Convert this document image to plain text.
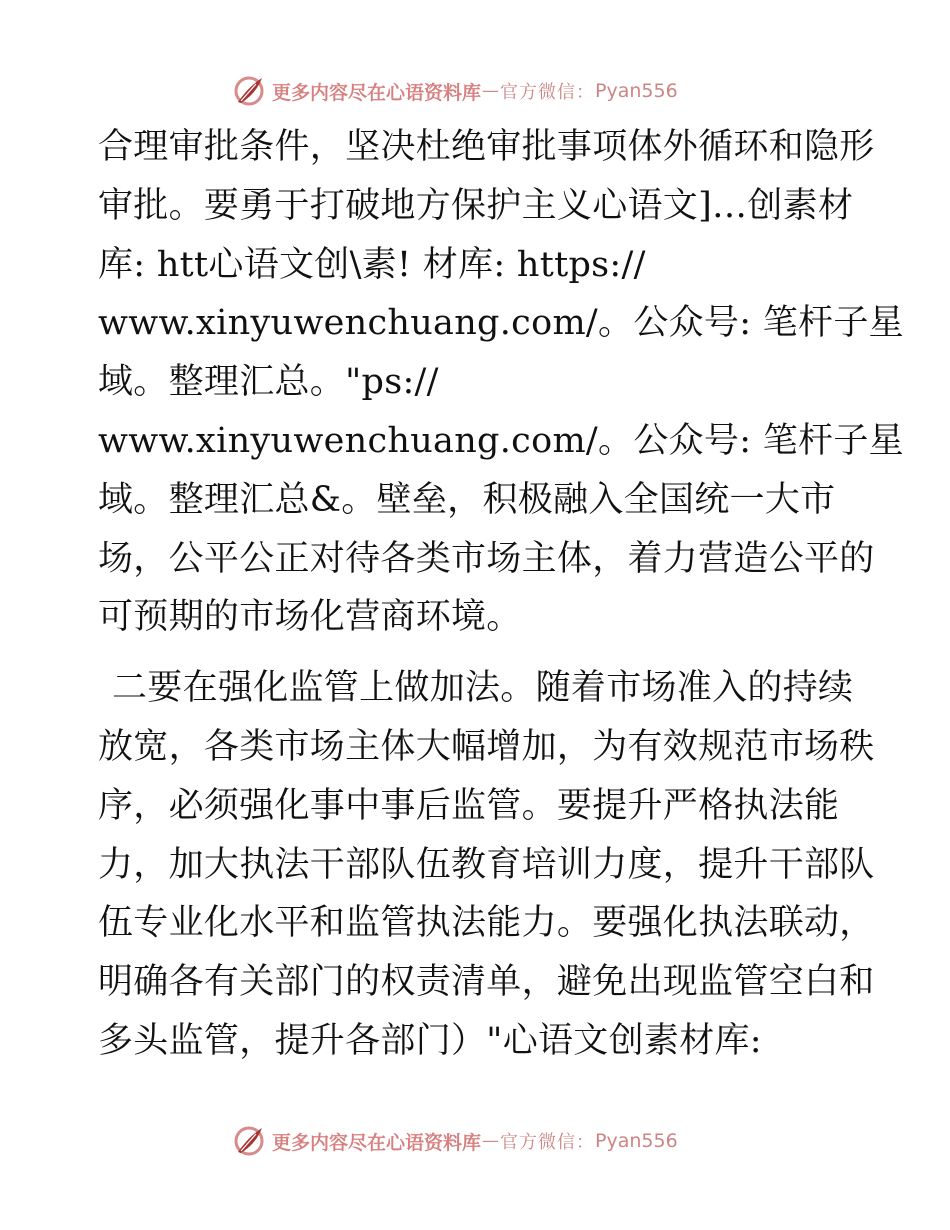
更多内容尽在心语资料库 — 官方微信： Pyan556

合理审批条件，坚决杜绝审批事项体外循环和隐形
审批。要勇于打破地方保护主义心语文]…创素材
库: htt心语文创\素! 材库: https://
www.xinyuwenchuang.com/。公众号: 笔杆子星
域。整理汇总。"ps://
www.xinyuwenchuang.com/。公众号: 笔杆子星
域。整理汇总&。壁垒，积极融入全国统一大市
场，公平公正对待各类市场主体，着力营造公平的
可预期的市场化营商环境。

二要在强化监管上做加法。随着市场准入的持续
放宽，各类市场主体大幅增加，为有效规范市场秩
序，必须强化事中事后监管。要提升严格执法能
力，加大执法干部队伍教育培训力度，提升干部队
伍专业化水平和监管执法能力。要强化执法联动，
明确各有关部门的权责清单，避免出现监管空白和
多头监管，提升各部门）"心语文创素材库:

更多内容尽在心语资料库 — 官方微信： Pyan556
